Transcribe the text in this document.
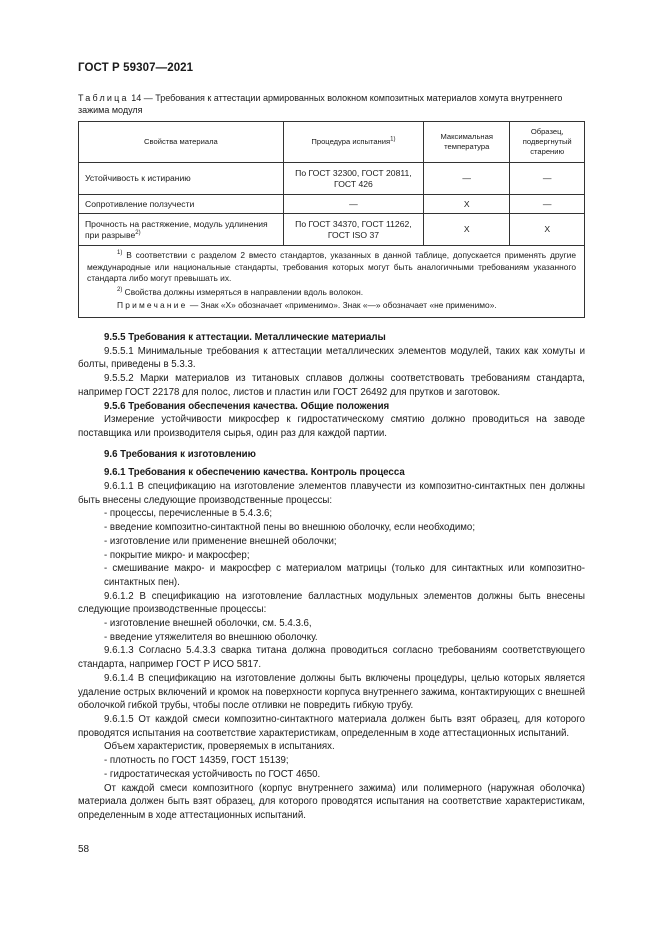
ГОСТ Р 59307—2021
Таблица 14 — Требования к аттестации армированных волокном композитных материалов хомута внутреннего зажима модуля
Свойства материала	Процедура испытания$^{1)}$	Максимальная температура	Образец, подвергнутый старению
Устойчивость к истиранию	По ГОСТ 32300, ГОСТ 20811, ГОСТ 426	—	—
Сопротивление ползучести	—	X	—
Прочность на растяжение, модуль удлинения при разрыве$^{2)}$	По ГОСТ 34370, ГОСТ 11262, ГОСТ ISO 37	X	X

$^{1)}$ В соответствии с разделом 2 вместо стандартов, указанных в данной таблице, допускается применять другие международные или национальные стандарты, требования которых могут быть аналогичными требованиям указанного стандарта либо могут превышать их.

$^{2)}$ Свойства должны измеряться в направлении вдоль волокон.

Примечание — Знак «X» обозначает «применимо». Знак «—» обозначает «не применимо».			

9.5.5 Требования к аттестации. Металлические материалы

9.5.5.1 Минимальные требования к аттестации металлических элементов модулей, таких как хомуты и болты, приведены в 5.3.3.

9.5.5.2 Марки материалов из титановых сплавов должны соответствовать требованиям стандарта, например ГОСТ 22178 для полос, листов и пластин или ГОСТ 26492 для прутков и заготовок.

9.5.6 Требования обеспечения качества. Общие положения

Измерение устойчивости микросфер к гидростатическому смятию должно проводиться на заводе поставщика или производителя сырья, один раз для каждой партии.

9.6 Требования к изготовлению

9.6.1 Требования к обеспечению качества. Контроль процесса

9.6.1.1 В спецификацию на изготовление элементов плавучести из композитно-синтактных пен должны быть внесены следующие производственные процессы:

- процессы, перечисленные в 5.4.3.6;

- введение композитно-синтактной пены во внешнюю оболочку, если необходимо;

- изготовление или применение внешней оболочки;

- покрытие микро- и макросфер;

- смешивание макро- и макросфер с материалом матрицы (только для синтактных или композитно-синтактных пен).

9.6.1.2 В спецификацию на изготовление балластных модульных элементов должны быть внесены следующие производственные процессы:

- изготовление внешней оболочки, см. 5.4.3.6,

- введение утяжелителя во внешнюю оболочку.

9.6.1.3 Согласно 5.4.3.3 сварка титана должна проводиться согласно требованиям соответствующего стандарта, например ГОСТ Р ИСО 5817.

9.6.1.4 В спецификацию на изготовление должны быть включены процедуры, целью которых является удаление острых включений и кромок на поверхности корпуса внутреннего зажима, контактирующих с внешней оболочкой гибкой трубы, чтобы после отливки не повредить гибкую трубу.

9.6.1.5 От каждой смеси композитно-синтактного материала должен быть взят образец, для которого проводятся испытания на соответствие характеристикам, определенным в ходе аттестационных испытаний.

Объем характеристик, проверяемых в испытаниях.

- плотность по ГОСТ 14359, ГОСТ 15139;

- гидростатическая устойчивость по ГОСТ 4650.

От каждой смеси композитного (корпус внутреннего зажима) или полимерного (наружная оболочка) материала должен быть взят образец, для которого проводятся испытания на соответствие характеристикам, определенным в ходе аттестационных испытаний.

58
